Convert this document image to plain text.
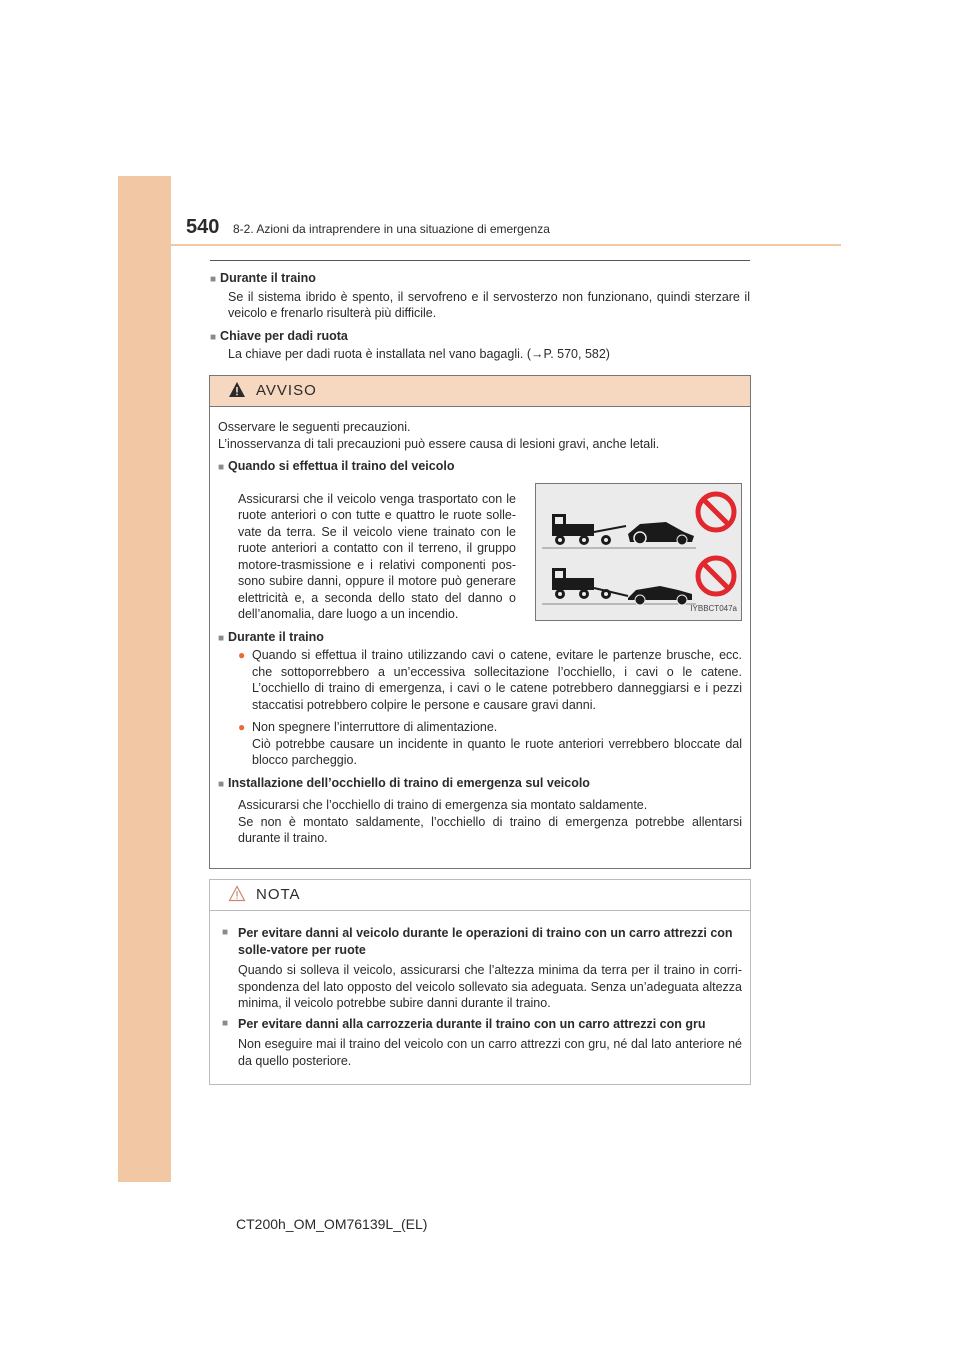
540 8-2. Azioni da intraprendere in una situazione di emergenza
■ Durante il traino
Se il sistema ibrido è spento, il servofreno e il servosterzo non funzionano, quindi sterzare il veicolo e frenarlo risulterà più difficile.
■ Chiave per dadi ruota
La chiave per dadi ruota è installata nel vano bagagli. (→P. 570, 582)
AVVISO

Osservare le seguenti precauzioni.

L’inosservanza di tali precauzioni può essere causa di lesioni gravi, anche letali.

■ Quando si effettua il traino del veicolo

Assicurarsi che il veicolo venga trasportato con le ruote anteriori o con tutte e quattro le ruote solle-vate da terra. Se il veicolo viene trainato con le ruote anteriori a contatto con il terreno, il gruppo motore-trasmissione e i relativi componenti pos-sono subire danni, oppure il motore può generare elettricità e, a seconda dello stato del danno o dell’anomalia, dare luogo a un incendio.	IYBBCT047a

■ Durante il traino

● Quando si effettua il traino utilizzando cavi o catene, evitare le partenze brusche, ecc. che sottoporrebbero a un’eccessiva sollecitazione l’occhiello, i cavi o le catene. L’occhiello di traino di emergenza, i cavi o le catene potrebbero danneggiarsi e i pezzi staccatisi potrebbero colpire le persone e causare gravi danni.
● Non spegnere l’interruttore di alimentazione.
Ciò potrebbe causare un incidente in quanto le ruote anteriori verrebbero bloccate dal blocco parcheggio.

■ Installazione dell’occhiello di traino di emergenza sul veicolo

Assicurarsi che l’occhiello di traino di emergenza sia montato saldamente.
Se non è montato saldamente, l’occhiello di traino di emergenza potrebbe allentarsi durante il traino.
NOTA

■ Per evitare danni al veicolo durante le operazioni di traino con un carro attrezzi con solle-vatore per ruote

Quando si solleva il veicolo, assicurarsi che l’altezza minima da terra per il traino in corri-spondenza del lato opposto del veicolo sollevato sia adeguata. Senza un’adeguata altezza minima, il veicolo potrebbe subire danni durante il traino.

■ Per evitare danni alla carrozzeria durante il traino con un carro attrezzi con gru

Non eseguire mai il traino del veicolo con un carro attrezzi con gru, né dal lato anteriore né da quello posteriore.
CT200h_OM_OM76139L_(EL)
